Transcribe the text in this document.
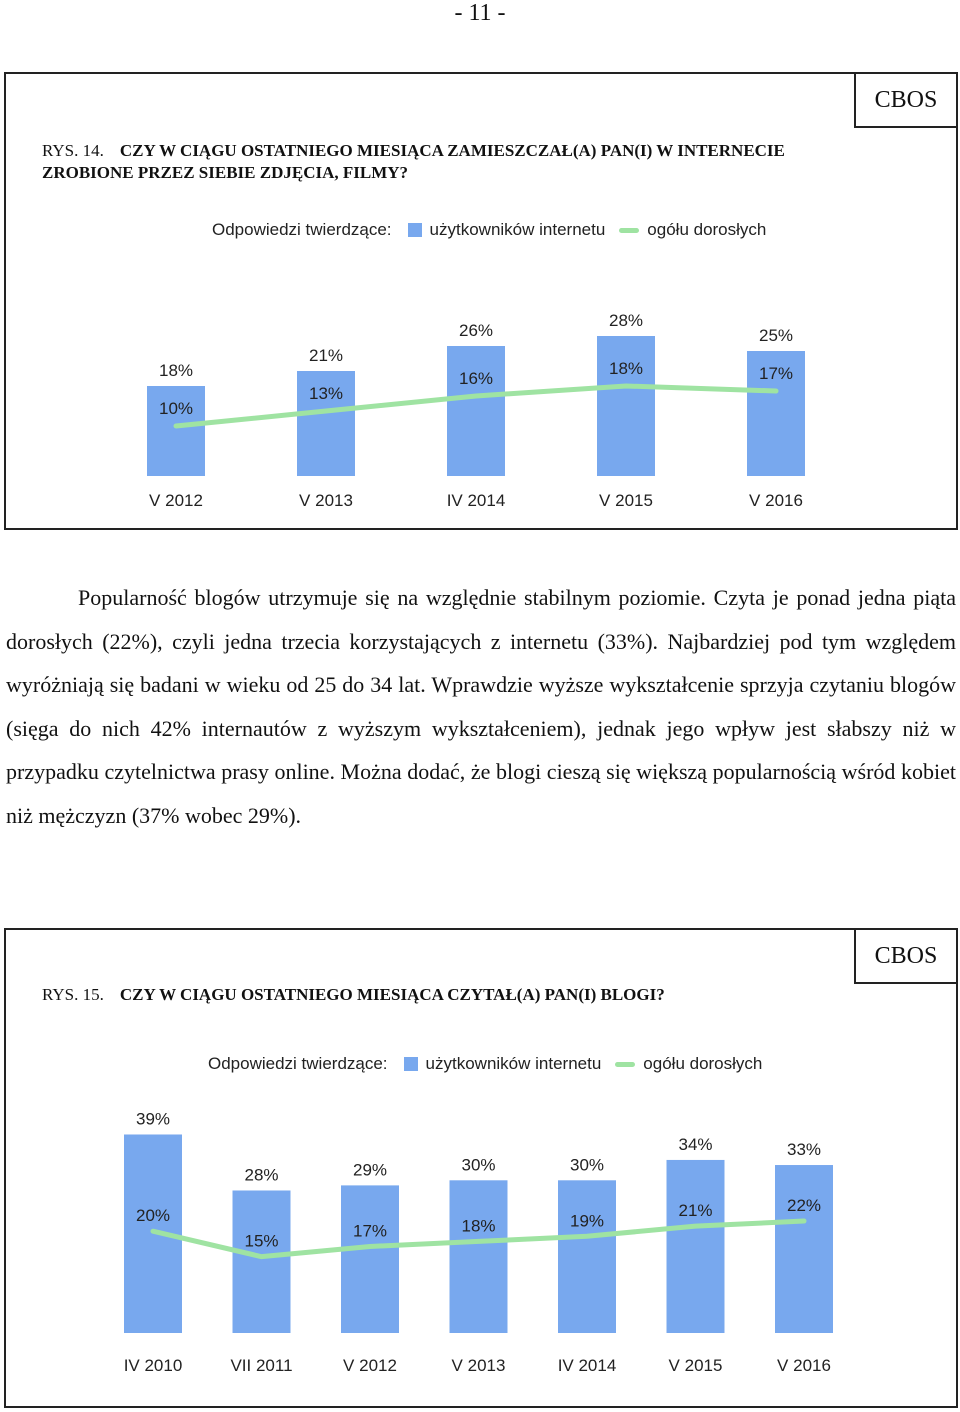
- 11 -
CBOS
RYS. 14. CZY W CIĄGU OSTATNIEGO MIESIĄCA ZAMIESZCZAŁ(A) PAN(I) W INTERNECIE ZROBIONE PRZEZ SIEBIE ZDJĘCIA, FILMY?
Odpowiedzi twierdzące: użytkowników internetu ogółu dorosłych
18%
10%
V 2012
21%
13%
V 2013
26%
16%
IV 2014
28%
18%
V 2015
25%
17%
V 2016
Popularność blogów utrzymuje się na względnie stabilnym poziomie. Czyta je ponad jedna piąta dorosłych (22%), czyli jedna trzecia korzystających z internetu (33%). Najbardziej pod tym względem wyróżniają się badani w wieku od 25 do 34 lat. Wprawdzie wyższe wykształcenie sprzyja czytaniu blogów (sięga do nich 42% internautów z wyższym wykształceniem), jednak jego wpływ jest słabszy niż w przypadku czytelnictwa prasy online. Można dodać, że blogi cieszą się większą popularnością wśród kobiet niż mężczyzn (37% wobec 29%).
CBOS
RYS. 15. CZY W CIĄGU OSTATNIEGO MIESIĄCA CZYTAŁ(A) PAN(I) BLOGI?
Odpowiedzi twierdzące: użytkowników internetu ogółu dorosłych
39%
20%
IV 2010
28%
15%
VII 2011
29%
17%
V 2012
30%
18%
V 2013
30%
19%
IV 2014
34%
21%
V 2015
33%
22%
V 2016
